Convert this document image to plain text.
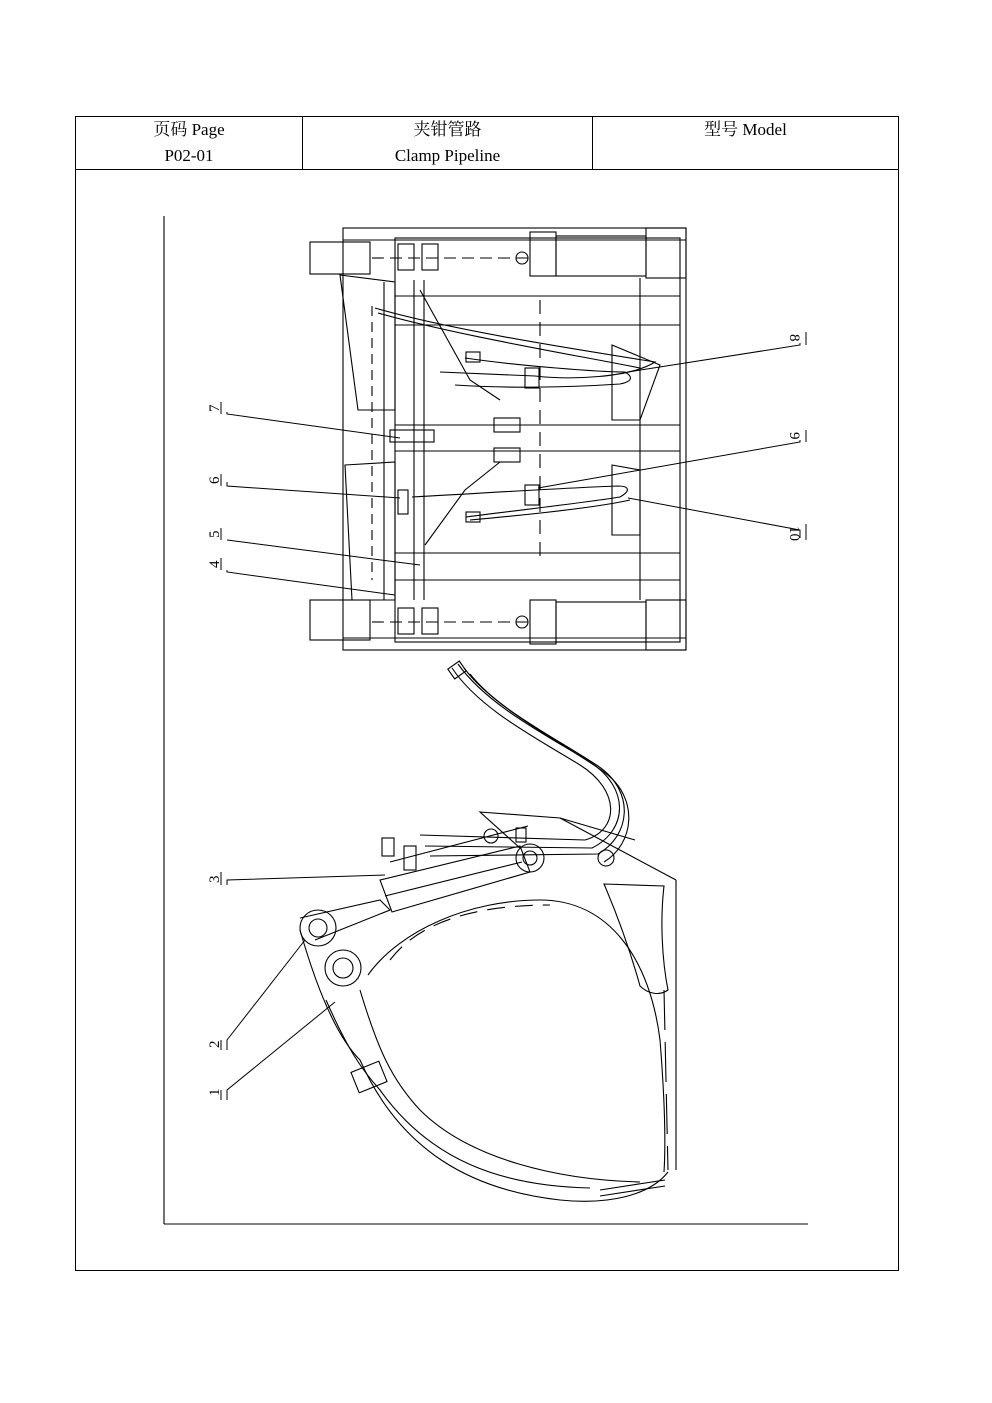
页码 Page
P02-01
夹钳管路
Clamp Pipeline
型号 Model
1
2
3
4
5
6
7
8
9
10
